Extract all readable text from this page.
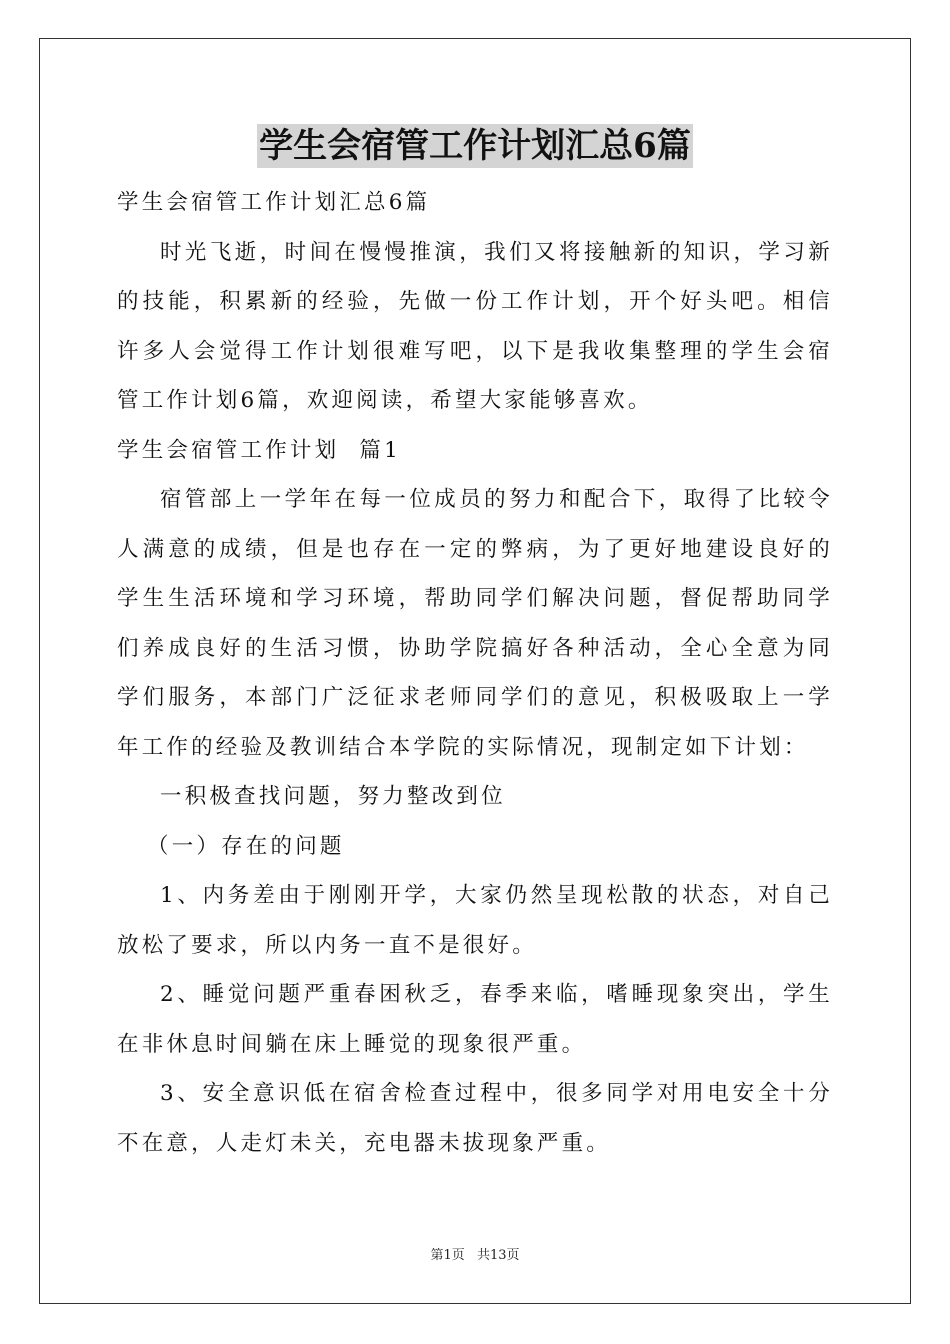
学生会宿管工作计划汇总6篇
学生会宿管工作计划汇总6篇

时光飞逝，时间在慢慢推演，我们又将接触新的知识，学习新的技能，积累新的经验，先做一份工作计划，开个好头吧。相信许多人会觉得工作计划很难写吧，以下是我收集整理的学生会宿管工作计划6篇，欢迎阅读，希望大家能够喜欢。

学生会宿管工作计划  篇1

宿管部上一学年在每一位成员的努力和配合下，取得了比较令人满意的成绩，但是也存在一定的弊病，为了更好地建设良好的学生生活环境和学习环境，帮助同学们解决问题，督促帮助同学们养成良好的生活习惯，协助学院搞好各种活动，全心全意为同学们服务，本部门广泛征求老师同学们的意见，积极吸取上一学年工作的经验及教训结合本学院的实际情况，现制定如下计划：

一积极查找问题，努力整改到位
（一）存在的问题

1、内务差由于刚刚开学，大家仍然呈现松散的状态，对自己放松了要求，所以内务一直不是很好。

2、睡觉问题严重春困秋乏，春季来临，嗜睡现象突出，学生在非休息时间躺在床上睡觉的现象很严重。

3、安全意识低在宿舍检查过程中，很多同学对用电安全十分不在意，人走灯未关，充电器未拔现象严重。

第1页 共13页
